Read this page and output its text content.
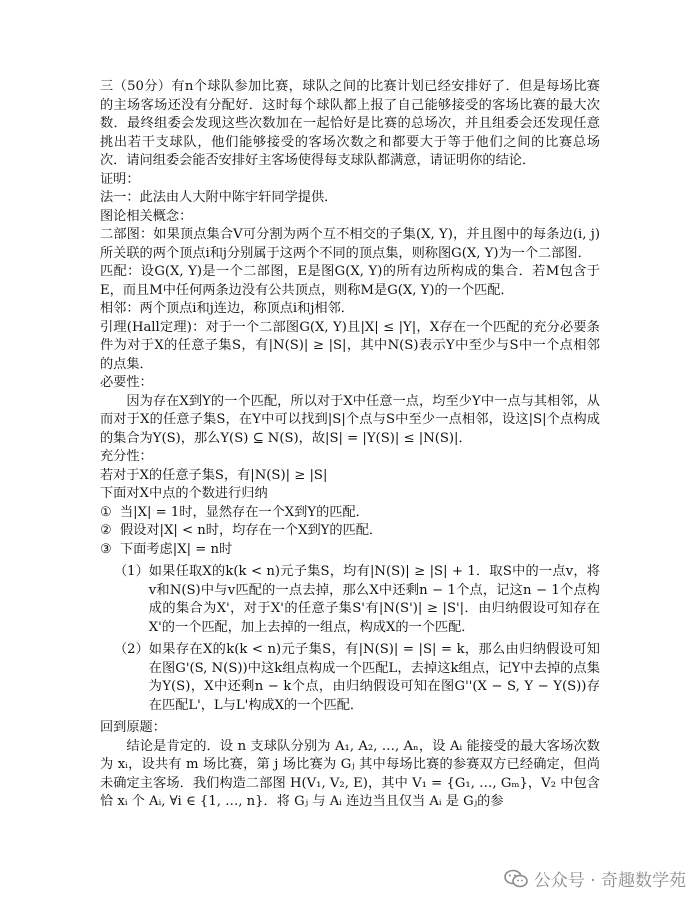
三（50分）有n个球队参加比赛，球队之间的比赛计划已经安排好了．但是每场比赛的主场客场还没有分配好．这时每个球队都上报了自己能够接受的客场比赛的最大次数．最终组委会发现这些次数加在一起恰好是比赛的总场次，并且组委会还发现任意挑出若干支球队，他们能够接受的客场次数之和都要大于等于他们之间的比赛总场次．请问组委会能否安排好主客场使得每支球队都满意，请证明你的结论．

证明：

法一：此法由人大附中陈宇轩同学提供．

图论相关概念：

二部图：如果顶点集合V可分割为两个互不相交的子集(X, Y)，并且图中的每条边(i, j)所关联的两个顶点i和j分别属于这两个不同的顶点集，则称图G(X, Y)为一个二部图．

匹配：设G(X, Y)是一个二部图，E是图G(X, Y)的所有边所构成的集合．若M包含于E，而且M中任何两条边没有公共顶点，则称M是G(X, Y)的一个匹配．

相邻：两个顶点i和j连边，称顶点i和j相邻．

引理(Hall定理)：对于一个二部图G(X, Y)且|X| ≤ |Y|，X存在一个匹配的充分必要条件为对于X的任意子集S，有|N(S)| ≥ |S|，其中N(S)表示Y中至少与S中一个点相邻的点集．

必要性：

因为存在X到Y的一个匹配，所以对于X中任意一点，均至少Y中一点与其相邻，从而对于X的任意子集S，在Y中可以找到|S|个点与S中至少一点相邻，设这|S|个点构成的集合为Y(S)，那么Y(S) ⊆ N(S)，故|S| = |Y(S)| ≤ |N(S)|．

充分性：

若对于X的任意子集S，有|N(S)| ≥ |S|

下面对X中点的个数进行归纳

① 当|X| = 1时，显然存在一个X到Y的匹配．
② 假设对|X| < n时，均存在一个X到Y的匹配．
③ 下面考虑|X| = n时
（1） 如果任取X的k(k < n)元子集S，均有|N(S)| ≥ |S| + 1．取S中的一点v，将v和N(S)中与v匹配的一点去掉，那么X中还剩n − 1个点，记这n − 1个点构成的集合为X'，对于X'的任意子集S'有|N(S')| ≥ |S'|．由归纳假设可知存在X'的一个匹配，加上去掉的一组点，构成X的一个匹配．
（2） 如果存在X的k(k < n)元子集S，有|N(S)| = |S| = k，那么由归纳假设可知在图G'(S, N(S))中这k组点构成一个匹配L，去掉这k组点，记Y中去掉的点集为Y(S)，X中还剩n − k个点，由归纳假设可知在图G''(X − S, Y − Y(S))存在匹配L'，L与L'构成X的一个匹配．

回到原题：

结论是肯定的．设 n 支球队分别为 A₁, A₂, …, Aₙ，设 Aᵢ 能接受的最大客场次数为 xᵢ，设共有 m 场比赛，第 j 场比赛为 Gⱼ 其中每场比赛的参赛双方已经确定，但尚未确定主客场．我们构造二部图 H(V₁, V₂, E)，其中 V₁ = {G₁, …, Gₘ}，V₂ 中包含恰 xᵢ 个 Aᵢ, ∀i ∈ {1, …, n}．将 Gⱼ 与 Aᵢ 连边当且仅当 Aᵢ 是 Gⱼ的参

公众号 · 奇趣数学苑
